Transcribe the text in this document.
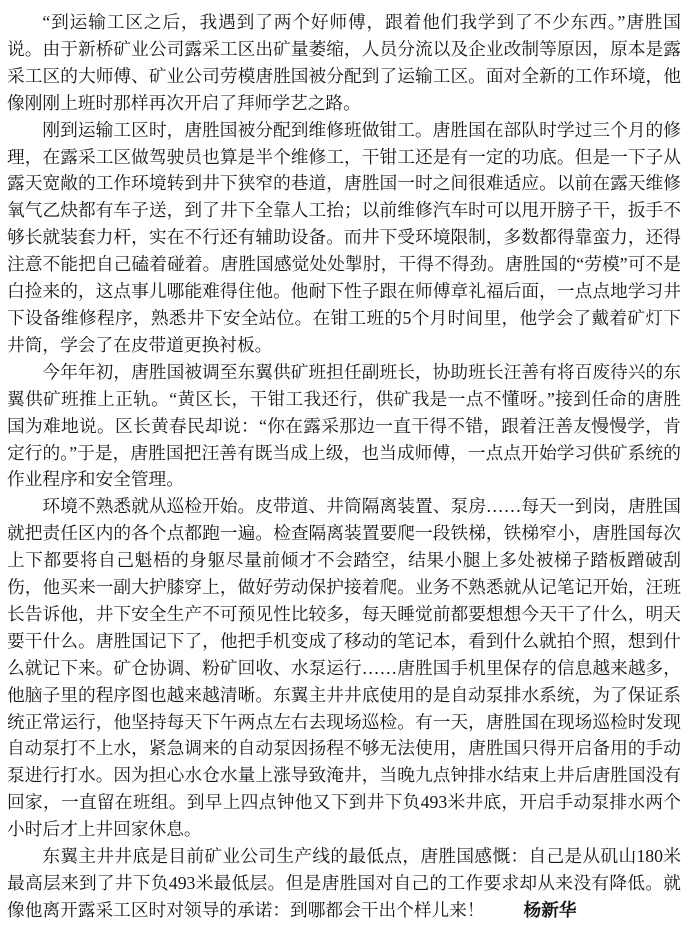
“到运输工区之后，我遇到了两个好师傅，跟着他们我学到了不少东西。”唐胜国说。由于新桥矿业公司露采工区出矿量萎缩，人员分流以及企业改制等原因，原本是露采工区的大师傅、矿业公司劳模唐胜国被分配到了运输工区。面对全新的工作环境，他像刚刚上班时那样再次开启了拜师学艺之路。

刚到运输工区时，唐胜国被分配到维修班做钳工。唐胜国在部队时学过三个月的修理，在露采工区做驾驶员也算是半个维修工，干钳工还是有一定的功底。但是一下子从露天宽敞的工作环境转到井下狭窄的巷道，唐胜国一时之间很难适应。以前在露天维修氧气乙炔都有车子送，到了井下全靠人工抬；以前维修汽车时可以甩开膀子干，扳手不够长就装套力杆，实在不行还有辅助设备。而井下受环境限制，多数都得靠蛮力，还得注意不能把自己磕着碰着。唐胜国感觉处处掣肘，干得不得劲。唐胜国的“劳模”可不是白捡来的，这点事儿哪能难得住他。他耐下性子跟在师傅章礼福后面，一点点地学习井下设备维修程序，熟悉井下安全站位。在钳工班的5个月时间里，他学会了戴着矿灯下井筒，学会了在皮带道更换衬板。

今年年初，唐胜国被调至东翼供矿班担任副班长，协助班长汪善有将百废待兴的东翼供矿班推上正轨。“黄区长，干钳工我还行，供矿我是一点不懂呀。”接到任命的唐胜国为难地说。区长黄春民却说：“你在露采那边一直干得不错，跟着汪善友慢慢学，肯定行的。”于是，唐胜国把汪善有既当成上级，也当成师傅，一点点开始学习供矿系统的作业程序和安全管理。

环境不熟悉就从巡检开始。皮带道、井筒隔离装置、泵房……每天一到岗，唐胜国就把责任区内的各个点都跑一遍。检查隔离装置要爬一段铁梯，铁梯窄小，唐胜国每次上下都要将自己魁梧的身躯尽量前倾才不会踏空，结果小腿上多处被梯子踏板蹭破刮伤，他买来一副大护膝穿上，做好劳动保护接着爬。业务不熟悉就从记笔记开始，汪班长告诉他，井下安全生产不可预见性比较多，每天睡觉前都要想想今天干了什么，明天要干什么。唐胜国记下了，他把手机变成了移动的笔记本，看到什么就拍个照，想到什么就记下来。矿仓协调、粉矿回收、水泵运行……唐胜国手机里保存的信息越来越多，他脑子里的程序图也越来越清晰。东翼主井井底使用的是自动泵排水系统，为了保证系统正常运行，他坚持每天下午两点左右去现场巡检。有一天，唐胜国在现场巡检时发现自动泵打不上水，紧急调来的自动泵因扬程不够无法使用，唐胜国只得开启备用的手动泵进行打水。因为担心水仓水量上涨导致淹井，当晚九点钟排水结束上井后唐胜国没有回家，一直留在班组。到早上四点钟他又下到井下负493米井底，开启手动泵排水两个小时后才上井回家休息。

东翼主井井底是目前矿业公司生产线的最低点，唐胜国感慨：自己是从矶山180米最高层来到了井下负493米最低层。但是唐胜国对自己的工作要求却从来没有降低。就像他离开露采工区时对领导的承诺：到哪都会干出个样儿来！ 杨新华
